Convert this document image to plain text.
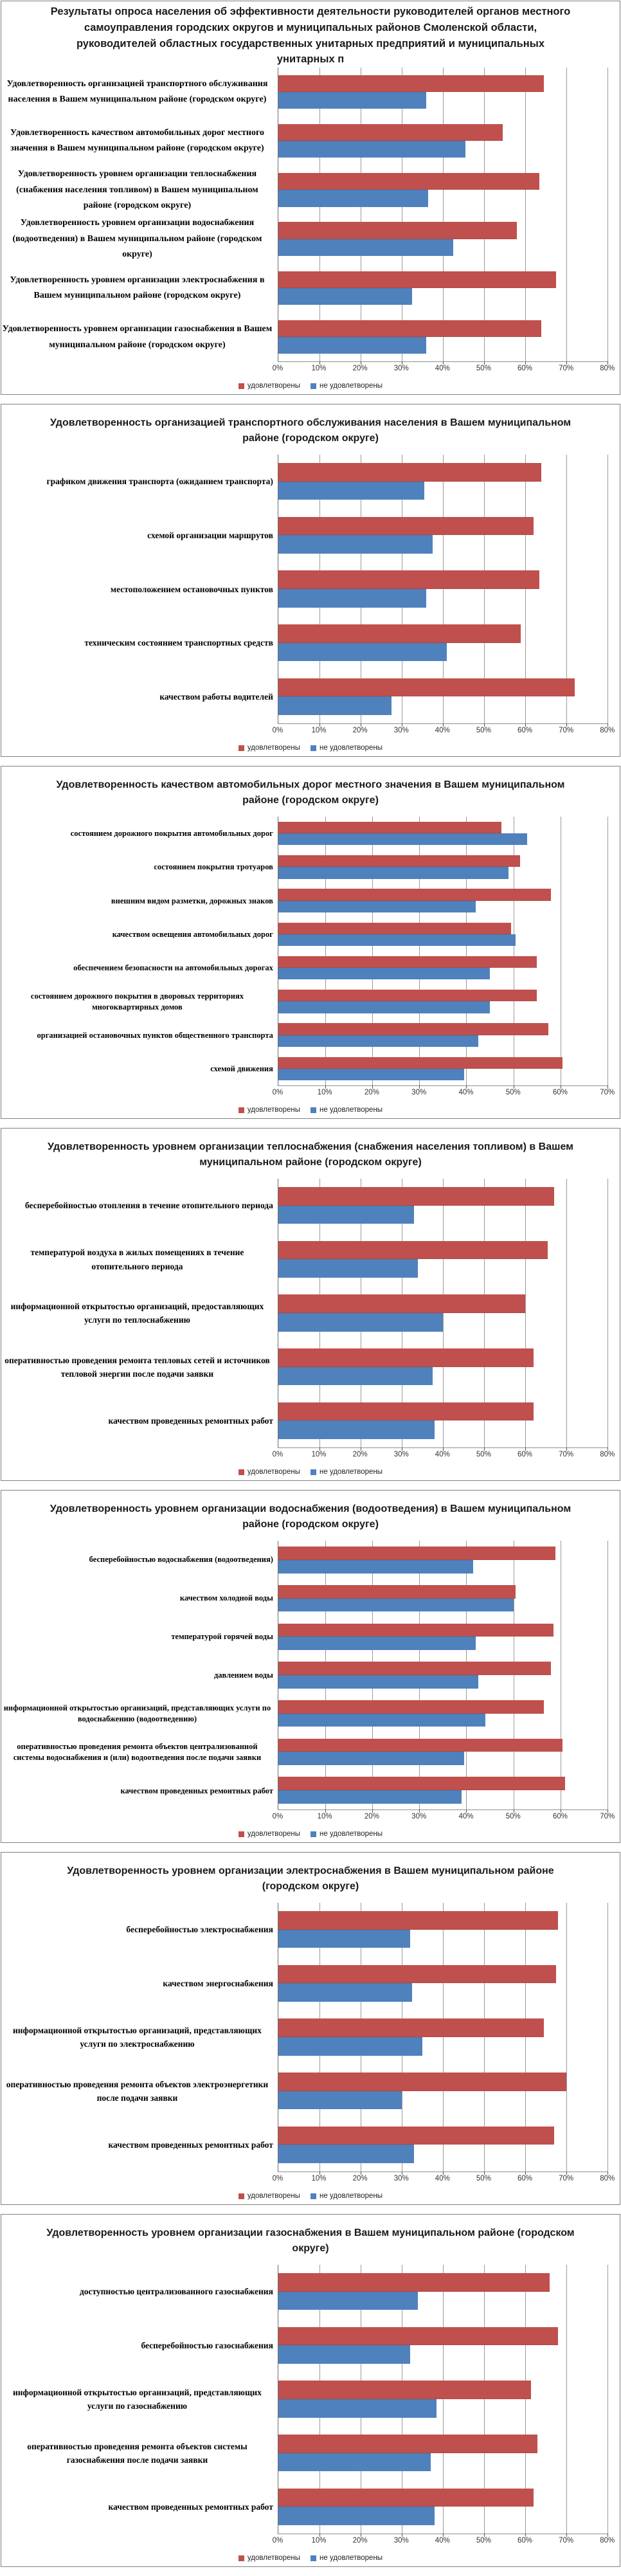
Результаты опроса населения об эффективности деятельности руководителей органов местного самоуправления городских округов и муниципальных районов Смоленской области, руководителей областных государственных унитарных предприятий и муниципальных унитарных п
Удовлетворенность организацией транспортного обслуживания населения в Вашем муниципальном районе (городском округе)
Удовлетворенность качеством автомобильных дорог местного значения в Вашем муниципальном районе (городском округе)
Удовлетворенность уровнем организации теплоснабжения (снабжения населения топливом) в Вашем муниципальном районе (городском округе)
Удовлетворенность уровнем организации водоснабжения (водоотведения) в Вашем муниципальном районе (городском округе)
Удовлетворенность уровнем организации электроснабжения в Вашем муниципальном районе (городском округе)
Удовлетворенность уровнем организации газоснабжения в Вашем муниципальном районе (городском округе)
0%	10%	20%	30%	40%	50%	60%	70%	80%
удовлетворены	не удовлетворены
Удовлетворенность организацией транспортного обслуживания населения в Вашем муниципальном районе (городском округе)
графиком движения транспорта (ожиданием транспорта)
схемой организации маршрутов
местоположением остановочных пунктов
техническим состоянием транспортных средств
качеством работы водителей
0%	10%	20%	30%	40%	50%	60%	70%	80%
удовлетворены	не удовлетворены
Удовлетворенность качеством автомобильных дорог местного значения в Вашем муниципальном районе (городском округе)
состоянием дорожного покрытия автомобильных дорог
состоянием покрытия тротуаров
внешним видом разметки, дорожных знаков
качеством освещения автомобильных дорог
обеспечением безопасности на автомобильных дорогах
состоянием дорожного покрытия в дворовых территориях многоквартирных домов
организацией остановочных пунктов общественного транспорта
схемой движения
0%	10%	20%	30%	40%	50%	60%	70%
удовлетворены	не удовлетворены
Удовлетворенность уровнем организации теплоснабжения (снабжения населения топливом) в Вашем муниципальном районе (городском округе)
бесперебойностью отопления в течение отопительного периода
температурой воздуха в жилых помещениях в течение отопительного периода
информационной открытостью организаций, предоставляющих услуги по теплоснабжению
оперативностью проведения ремонта тепловых сетей и источников тепловой энергии после подачи заявки
качеством проведенных ремонтных работ
0%	10%	20%	30%	40%	50%	60%	70%	80%
удовлетворены	не удовлетворены
Удовлетворенность уровнем организации водоснабжения (водоотведения) в Вашем муниципальном районе (городском округе)
бесперебойностью водоснабжения (водоотведения)
качеством холодной воды
температурой горячей воды
давлением воды
информационной открытостью организаций, представляющих услуги по водоснабжению (водоотведению)
оперативностью проведения ремонта объектов централизованной системы водоснабжения и (или) водоотведения после подачи заявки
качеством проведенных ремонтных работ
0%	10%	20%	30%	40%	50%	60%	70%
удовлетворены	не удовлетворены
Удовлетворенность уровнем организации электроснабжения в Вашем муниципальном районе (городском округе)
бесперебойностью электроснабжения
качеством энергоснабжения
информационной открытостью организаций, представляющих услуги по электроснабжению
оперативностью проведения ремонта объектов электроэнергетики после подачи заявки
качеством проведенных ремонтных работ
0%	10%	20%	30%	40%	50%	60%	70%	80%
удовлетворены	не удовлетворены
Удовлетворенность уровнем организации газоснабжения в Вашем муниципальном районе (городском округе)
доступностью централизованного газоснабжения
бесперебойностью газоснабжения
информационной открытостью организаций, представляющих услуги по газоснабжению
оперативностью проведения ремонта объектов системы газоснабжения после подачи заявки
качеством проведенных ремонтных работ
0%	10%	20%	30%	40%	50%	60%	70%	80%
удовлетворены	не удовлетворены
